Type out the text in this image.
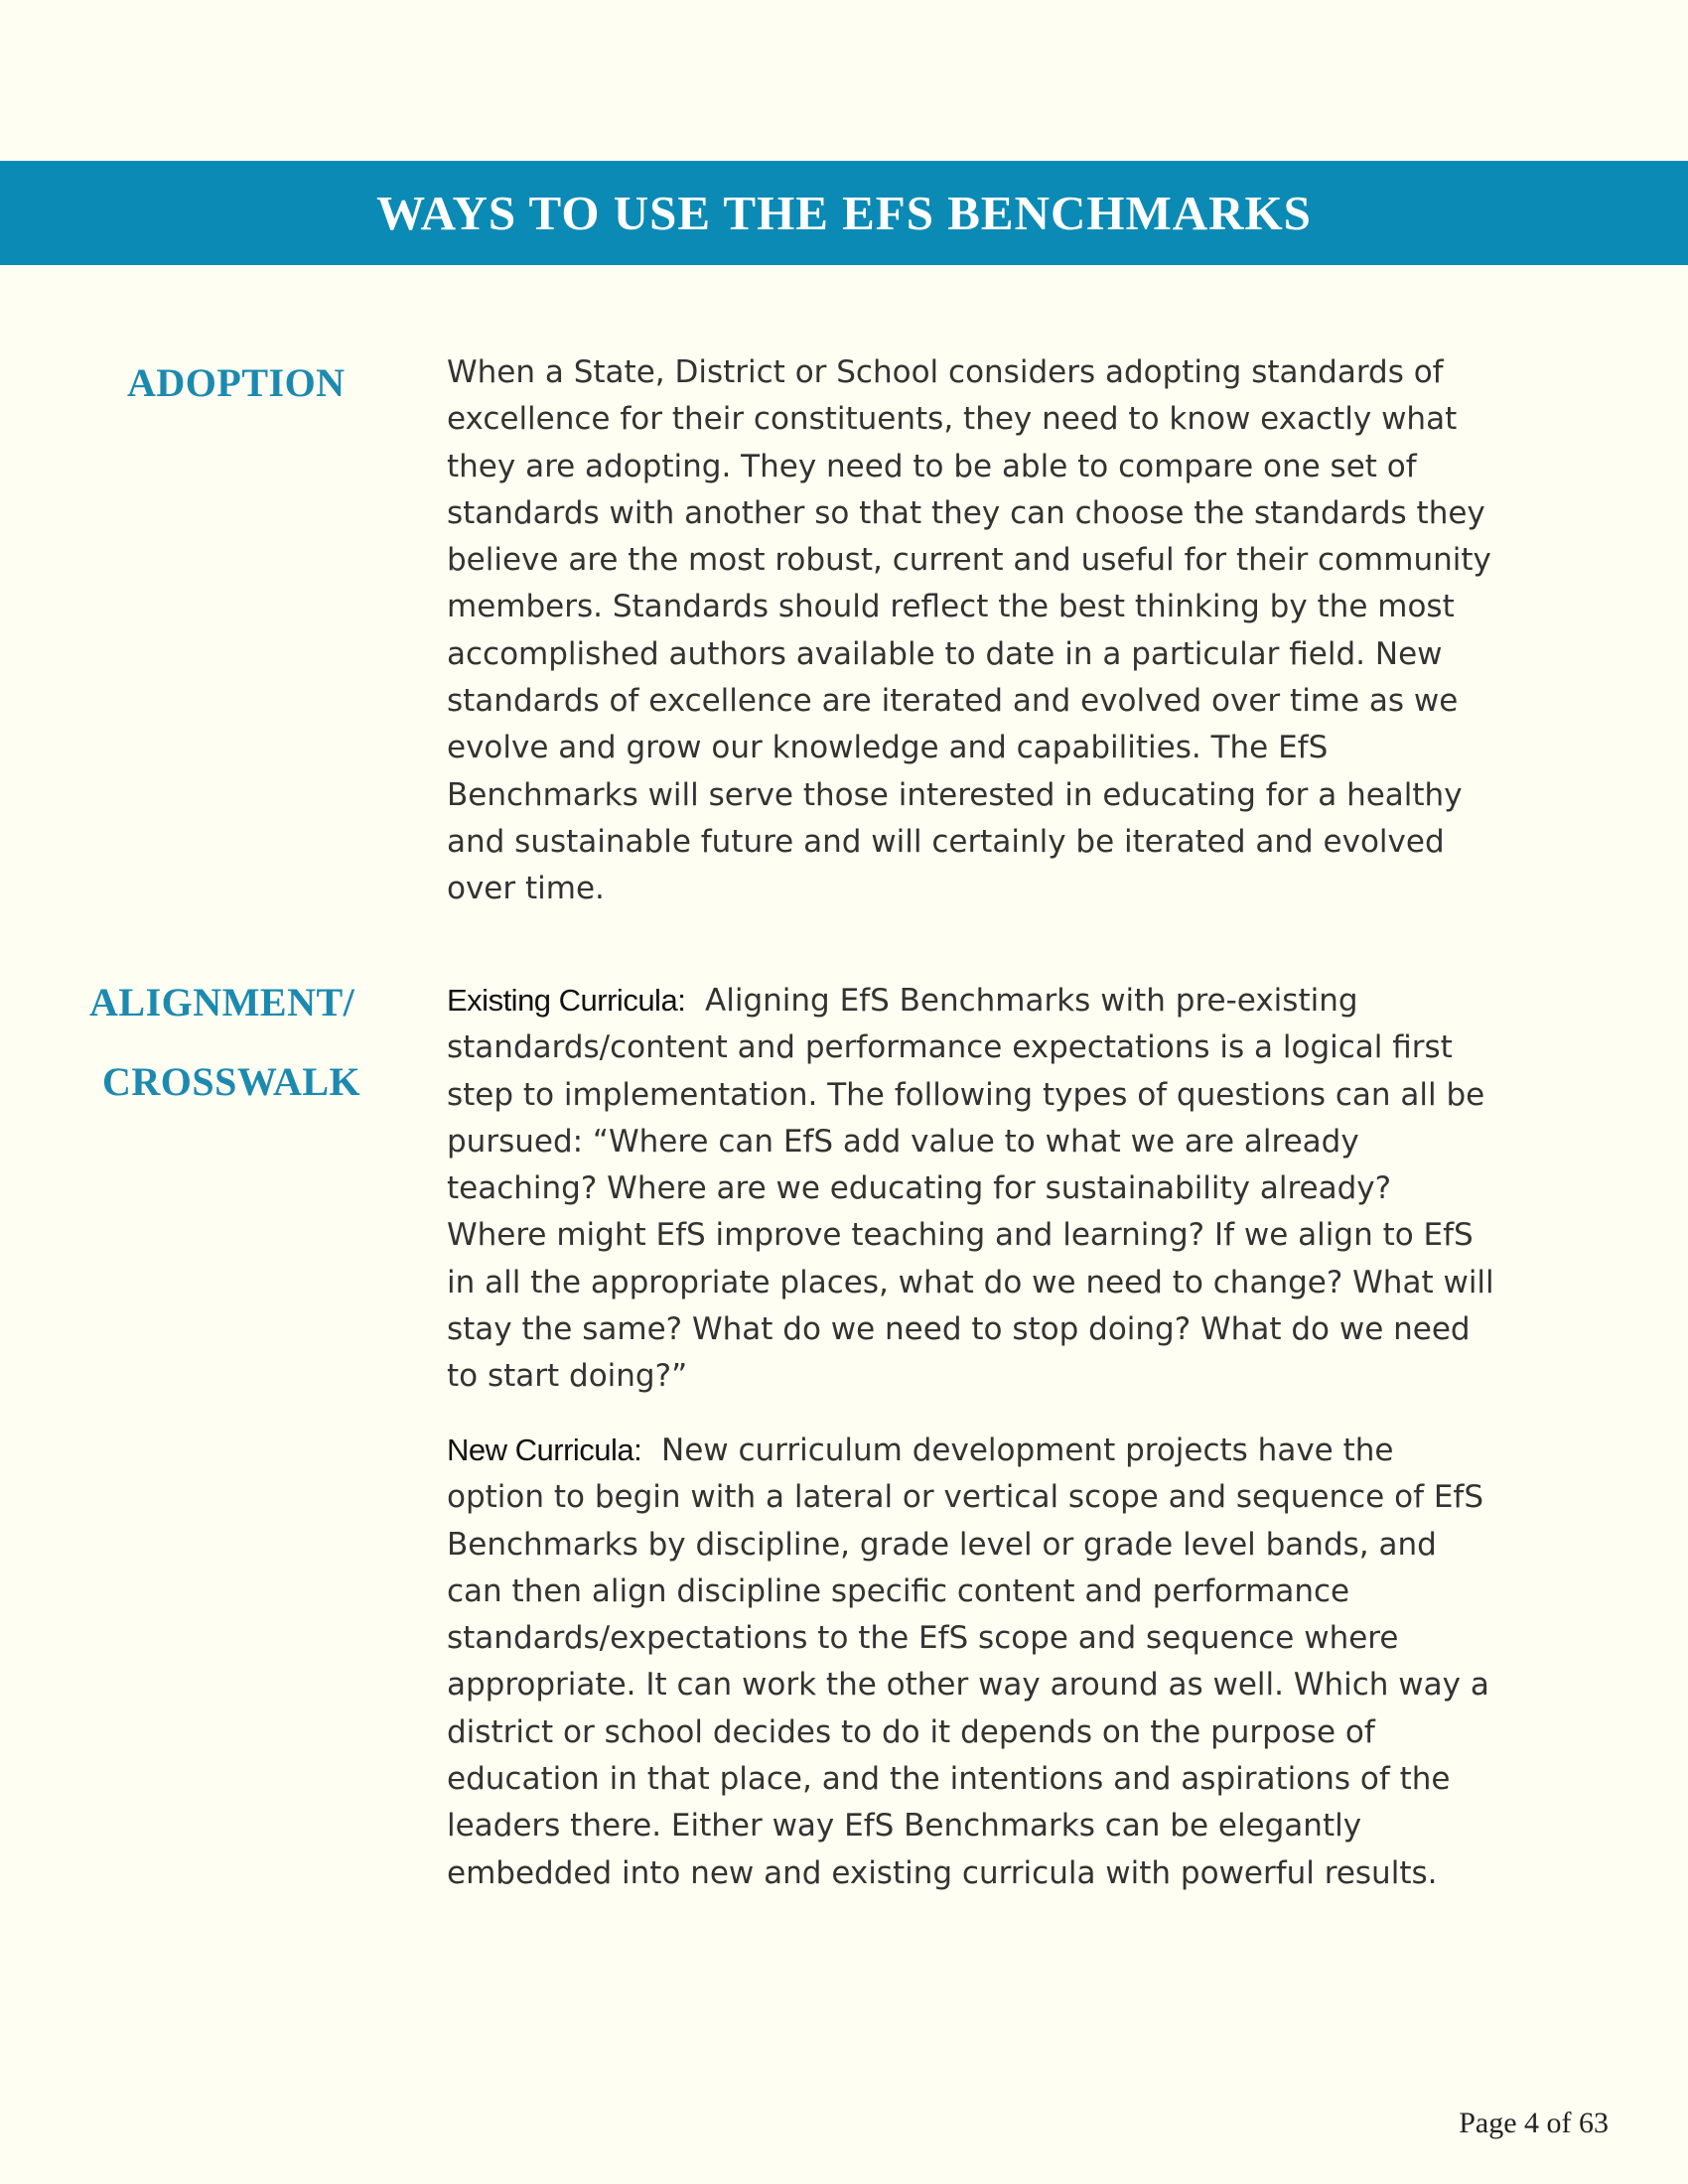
WAYS TO USE THE EFS BENCHMARKS
ADOPTION	When a State, District or School considers adopting standards of excellence for their constituents, they need to know exactly what they are adopting. They need to be able to compare one set of standards with another so that they can choose the standards they believe are the most robust, current and useful for their community members. Standards should reflect the best thinking by the most accomplished authors available to date in a particular field. New standards of excellence are iterated and evolved over time as we evolve and grow our knowledge and capabilities. The EfS Benchmarks will serve those interested in educating for a healthy and sustainable future and will certainly be iterated and evolved over time.

ALIGNMENT/
CROSSWALK

Existing Curricula: Aligning EfS Benchmarks with pre-existing standards/content and performance expectations is a logical first step to implementation. The following types of questions can all be pursued: “Where can EfS add value to what we are already teaching? Where are we educating for sustainability already? Where might EfS improve teaching and learning? If we align to EfS in all the appropriate places, what do we need to change? What will stay the same? What do we need to stop doing? What do we need to start doing?”

New Curricula: New curriculum development projects have the option to begin with a lateral or vertical scope and sequence of EfS Benchmarks by discipline, grade level or grade level bands, and can then align discipline specific content and performance standards/expectations to the EfS scope and sequence where appropriate. It can work the other way around as well. Which way a district or school decides to do it depends on the purpose of education in that place, and the intentions and aspirations of the leaders there. Either way EfS Benchmarks can be elegantly embedded into new and existing curricula with powerful results.

Page 4 of 63
